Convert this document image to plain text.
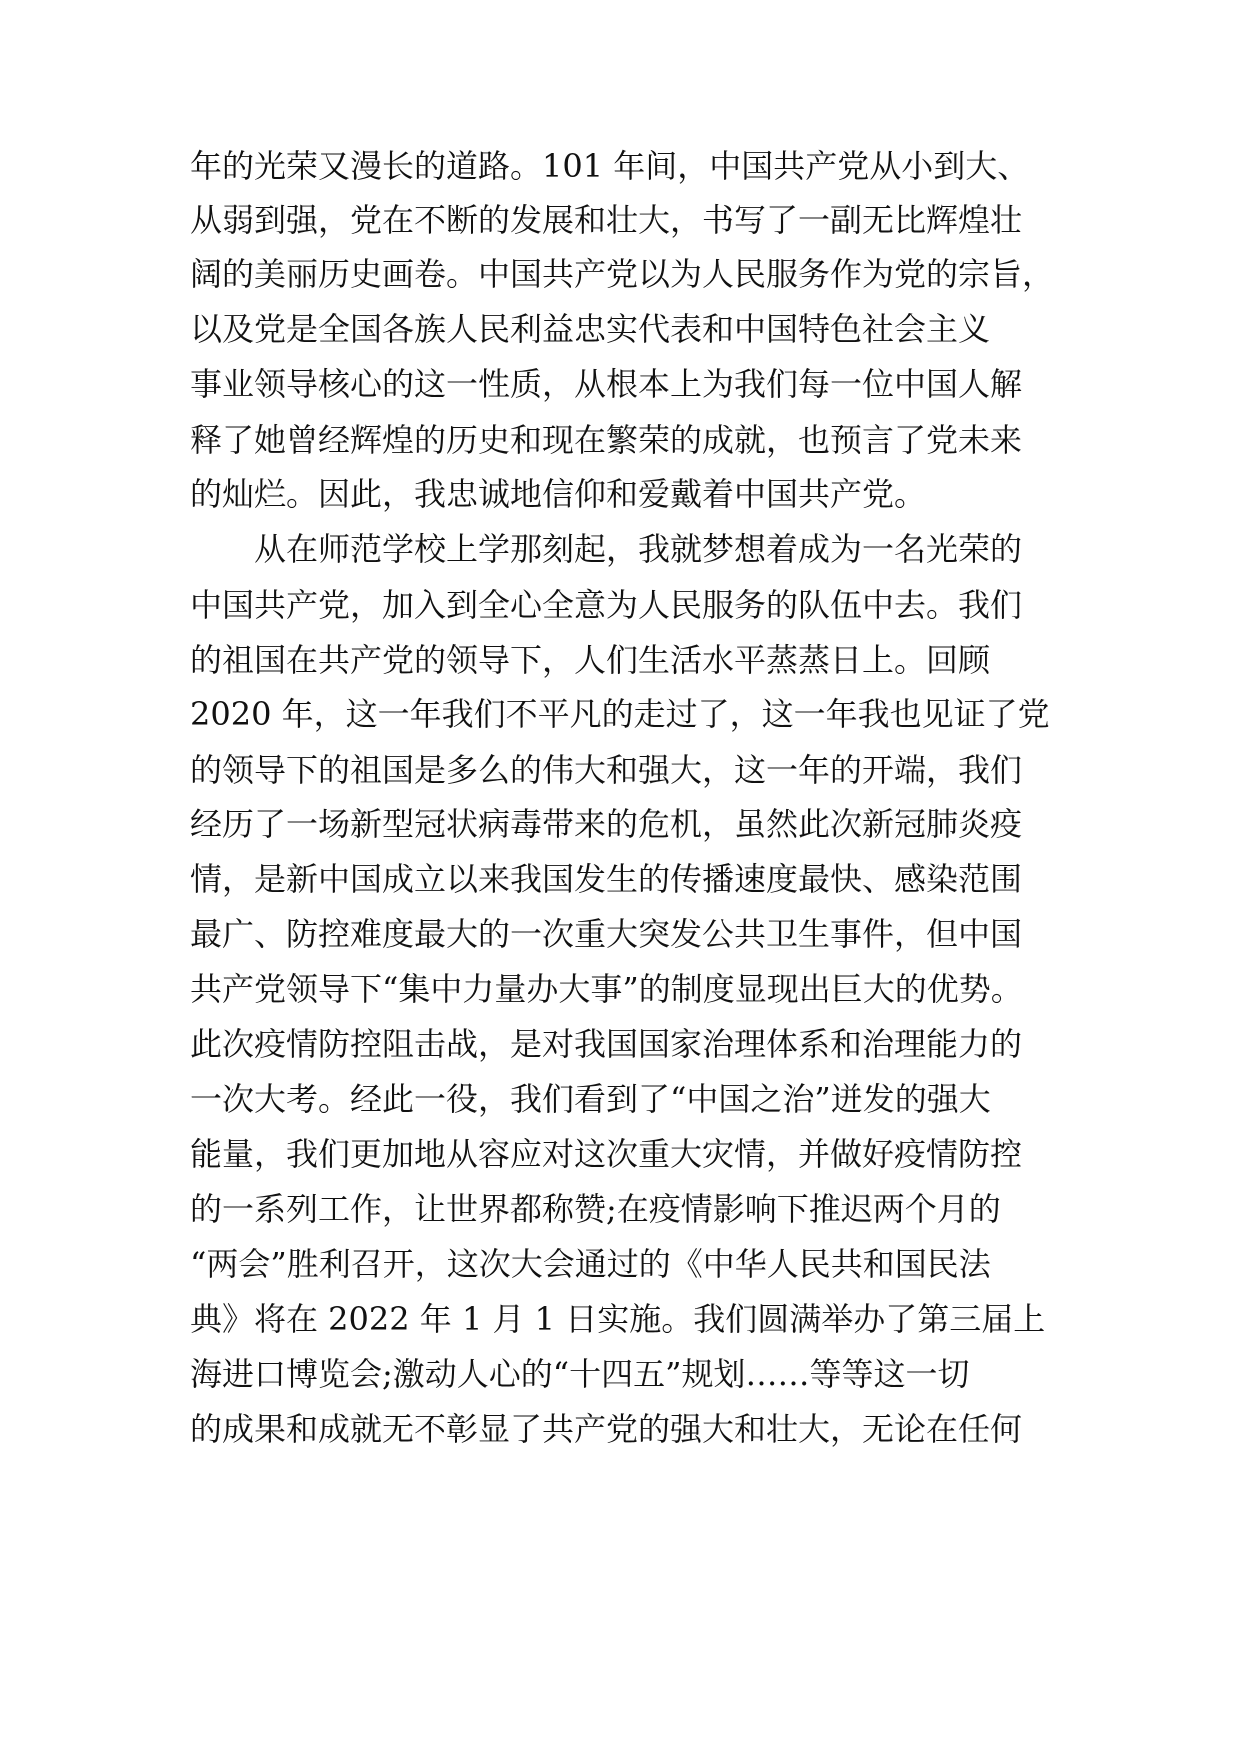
年的光荣又漫长的道路。101 年间，中国共产党从小到大、
从弱到强，党在不断的发展和壮大，书写了一副无比辉煌壮
阔的美丽历史画卷。中国共产党以为人民服务作为党的宗旨，
以及党是全国各族人民利益忠实代表和中国特色社会主义
事业领导核心的这一性质，从根本上为我们每一位中国人解
释了她曾经辉煌的历史和现在繁荣的成就，也预言了党未来
的灿烂。因此，我忠诚地信仰和爱戴着中国共产党。
从在师范学校上学那刻起，我就梦想着成为一名光荣的
中国共产党，加入到全心全意为人民服务的队伍中去。我们
的祖国在共产党的领导下，人们生活水平蒸蒸日上。回顾
2020 年，这一年我们不平凡的走过了，这一年我也见证了党
的领导下的祖国是多么的伟大和强大，这一年的开端，我们
经历了一场新型冠状病毒带来的危机，虽然此次新冠肺炎疫
情，是新中国成立以来我国发生的传播速度最快、感染范围
最广、防控难度最大的一次重大突发公共卫生事件，但中国
共产党领导下“集中力量办大事”的制度显现出巨大的优势。
此次疫情防控阻击战，是对我国国家治理体系和治理能力的
一次大考。经此一役，我们看到了“中国之治”迸发的强大
能量，我们更加地从容应对这次重大灾情，并做好疫情防控
的一系列工作，让世界都称赞;在疫情影响下推迟两个月的
“两会”胜利召开，这次大会通过的《中华人民共和国民法
典》将在 2022 年 1 月 1 日实施。我们圆满举办了第三届上
海进口博览会;激动人心的“十四五”规划……等等这一切
的成果和成就无不彰显了共产党的强大和壮大，无论在任何
